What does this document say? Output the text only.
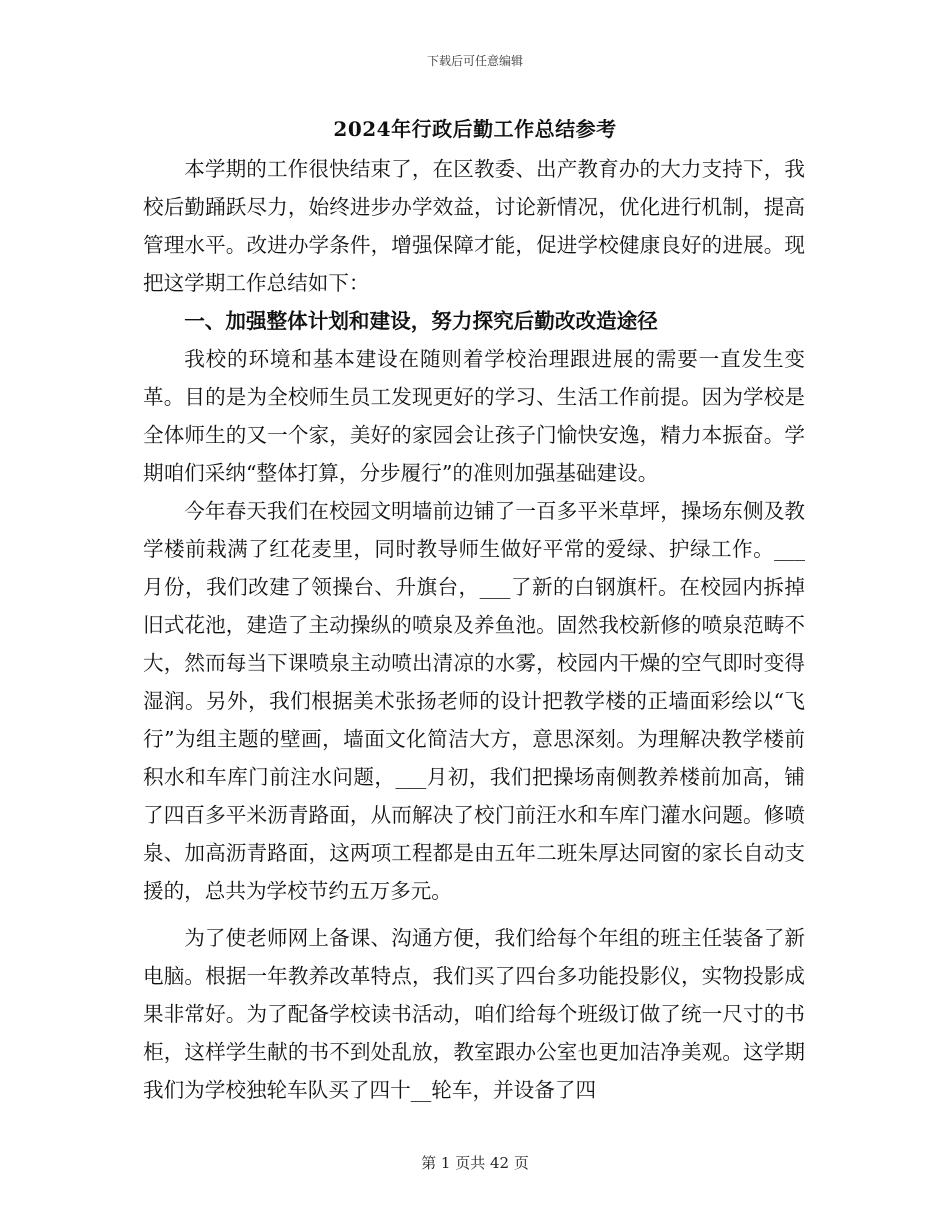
下载后可任意编辑
2024年行政后勤工作总结参考

本学期的工作很快结束了，在区教委、出产教育办的大力支持下，我校后勤踊跃尽力，始终进步办学效益，讨论新情况，优化进行机制，提高管理水平。改进办学条件，增强保障才能，促进学校健康良好的进展。现把这学期工作总结如下：

一、加强整体计划和建设，努力探究后勤改改造途径

我校的环境和基本建设在随则着学校治理跟进展的需要一直发生变革。目的是为全校师生员工发现更好的学习、生活工作前提。因为学校是全体师生的又一个家，美好的家园会让孩子门愉快安逸，精力本振奋。学期咱们采纳“整体打算，分步履行”的准则加强基础建设。

今年春天我们在校园文明墙前边铺了一百多平米草坪，操场东侧及教学楼前栽满了红花麦里，同时教导师生做好平常的爱绿、护绿工作。___月份，我们改建了领操台、升旗台，___了新的白钢旗杆。在校园内拆掉旧式花池，建造了主动操纵的喷泉及养鱼池。固然我校新修的喷泉范畴不大，然而每当下课喷泉主动喷出清凉的水雾，校园内干燥的空气即时变得湿润。另外，我们根据美术张扬老师的设计把教学楼的正墙面彩绘以“飞行”为组主题的壁画，墙面文化简洁大方，意思深刻。为理解决教学楼前积水和车库门前注水问题，___月初，我们把操场南侧教养楼前加高，铺了四百多平米沥青路面，从而解决了校门前汪水和车库门灌水问题。修喷泉、加高沥青路面，这两项工程都是由五年二班朱厚达同窗的家长自动支援的，总共为学校节约五万多元。

为了使老师网上备课、沟通方便，我们给每个年组的班主任装备了新电脑。根据一年教养改革特点，我们买了四台多功能投影仪，实物投影成果非常好。为了配备学校读书活动，咱们给每个班级订做了统一尺寸的书柜，这样学生献的书不到处乱放，教室跟办公室也更加洁净美观。这学期我们为学校独轮车队买了四十__轮车，并设备了四

第 1 页共 42 页
